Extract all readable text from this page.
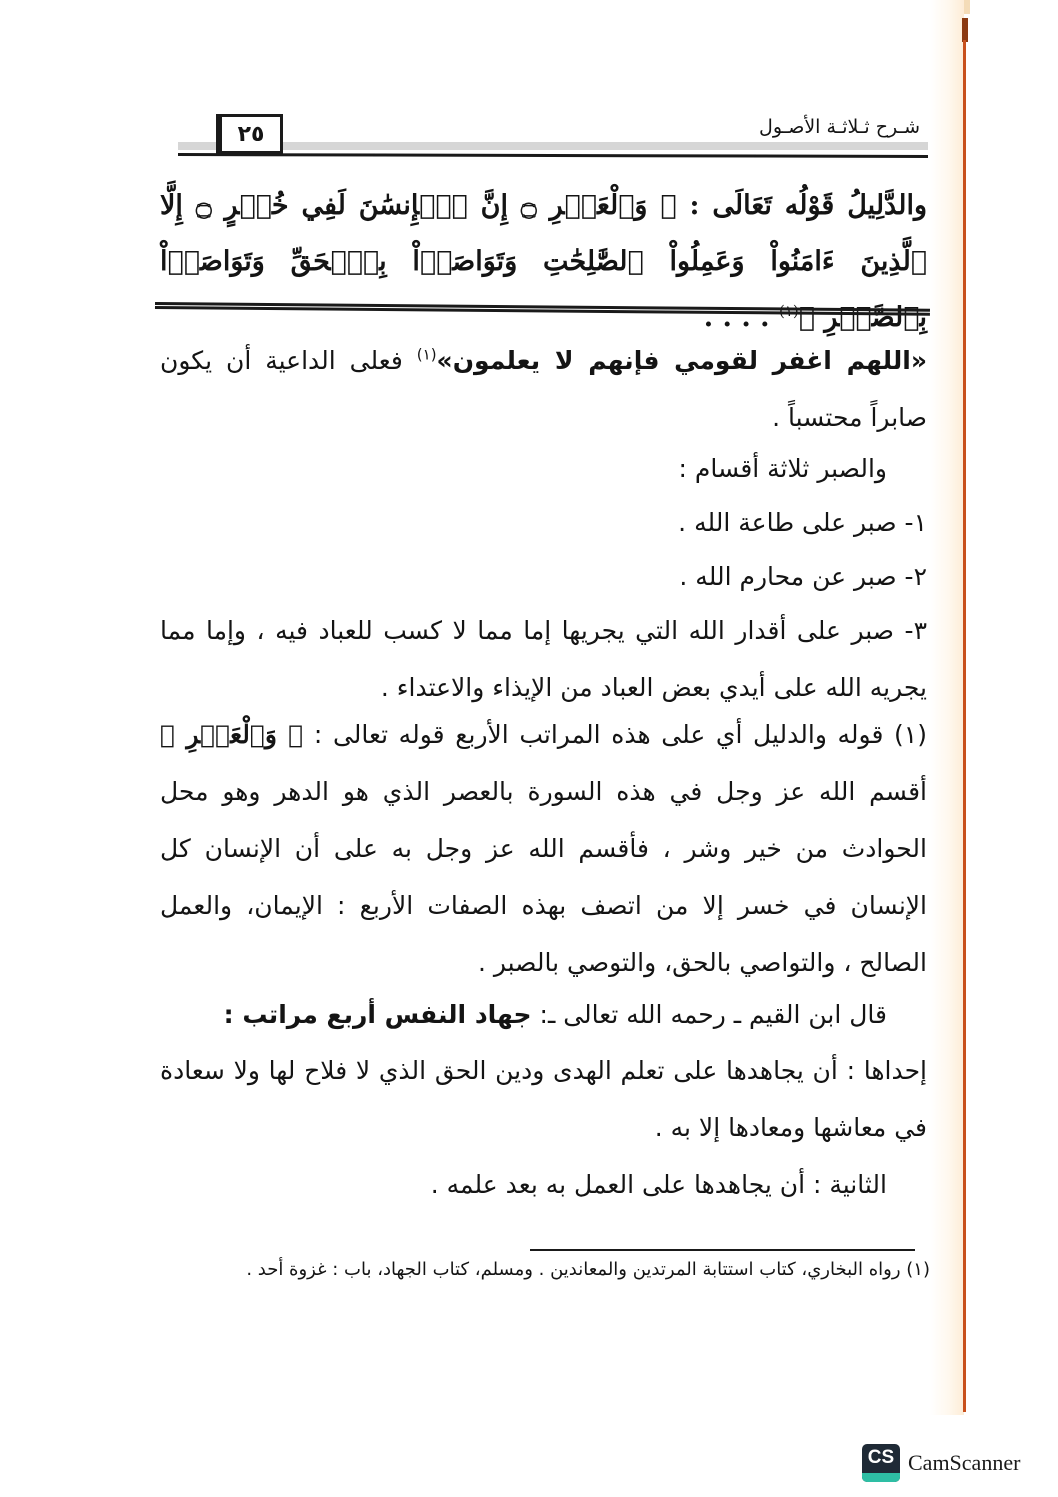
٢٥	شـرح ثـلاثـة الأصـول
والدَّلِيلُ قَوْلُه تَعَالَى : ﴿ وَٱلْعَصۡرِ ۝ إِنَّ ٱلۡإِنسَٰنَ لَفِي خُسۡرٍ ۝ إِلَّا ٱلَّذِينَ ءَامَنُواْ وَعَمِلُواْ ٱلصَّٰلِحَٰتِ وَتَوَاصَوۡاْ بِٱلۡحَقِّ وَتَوَاصَوۡاْ بِٱلصَّبۡرِ ﴾$^{(١)}$ . . . .
«اللهم اغفر لقومي فإنهم لا يعلمون»$^{(١)}$ فعلى الداعية أن يكون صابراً محتسباً .
والصبر ثلاثة أقسام :
١- صبر على طاعة الله .
٢- صبر عن محارم الله .
٣- صبر على أقدار الله التي يجريها إما مما لا كسب للعباد فيه ، وإما مما يجريه الله على أيدي بعض العباد من الإيذاء والاعتداء .
(١) قوله والدليل أي على هذه المراتب الأربع قوله تعالى : ﴿ وَٱلْعَصۡرِ ﴾ أقسم الله عز وجل في هذه السورة بالعصر الذي هو الدهر وهو محل الحوادث من خير وشر ، فأقسم الله عز وجل به على أن الإنسان كل الإنسان في خسر إلا من اتصف بهذه الصفات الأربع : الإيمان، والعمل الصالح ، والتواصي بالحق، والتوصي بالصبر .
قال ابن القيم ـ رحمه الله تعالى ـ: جهاد النفس أربع مراتب :
إحداها : أن يجاهدها على تعلم الهدى ودين الحق الذي لا فلاح لها ولا سعادة في معاشها ومعادها إلا به .
الثانية : أن يجاهدها على العمل به بعد علمه .
(١) رواه البخاري، كتاب استتابة المرتدين والمعاندين . ومسلم، كتاب الجهاد، باب : غزوة أحد .
CS CamScanner
